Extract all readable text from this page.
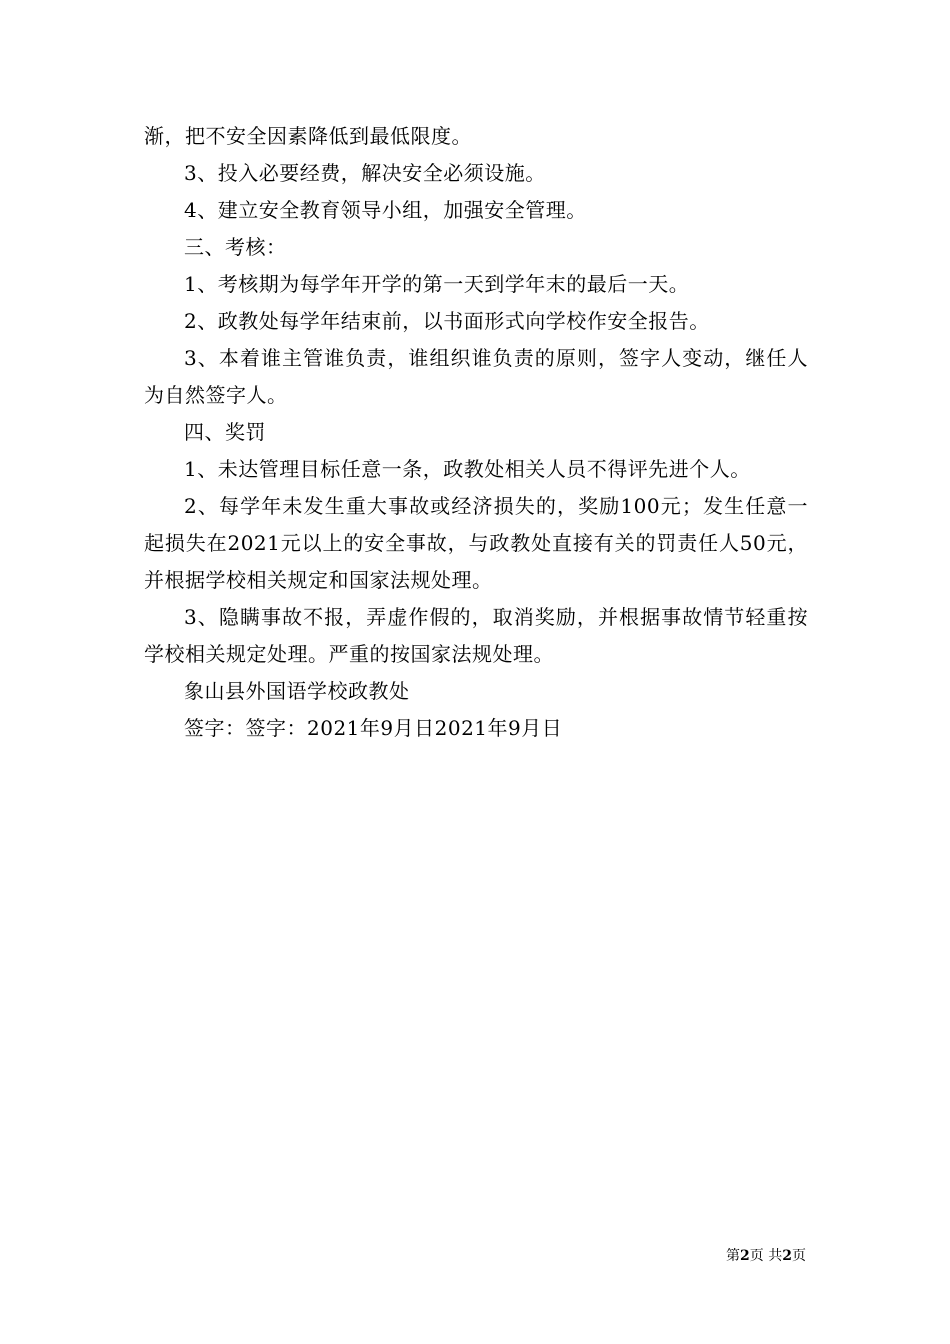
渐，把不安全因素降低到最低限度。

3、投入必要经费，解决安全必须设施。

4、建立安全教育领导小组，加强安全管理。

三、考核：

1、考核期为每学年开学的第一天到学年末的最后一天。

2、政教处每学年结束前，以书面形式向学校作安全报告。

3、本着谁主管谁负责，谁组织谁负责的原则，签字人变动，继任人为自然签字人。

四、奖罚

1、未达管理目标任意一条，政教处相关人员不得评先进个人。

2、每学年未发生重大事故或经济损失的，奖励100元；发生任意一起损失在2021元以上的安全事故，与政教处直接有关的罚责任人50元，并根据学校相关规定和国家法规处理。

3、隐瞒事故不报，弄虚作假的，取消奖励，并根据事故情节轻重按学校相关规定处理。严重的按国家法规处理。

象山县外国语学校政教处

签字：签字：2021年9月日2021年9月日

第2页 共2页
